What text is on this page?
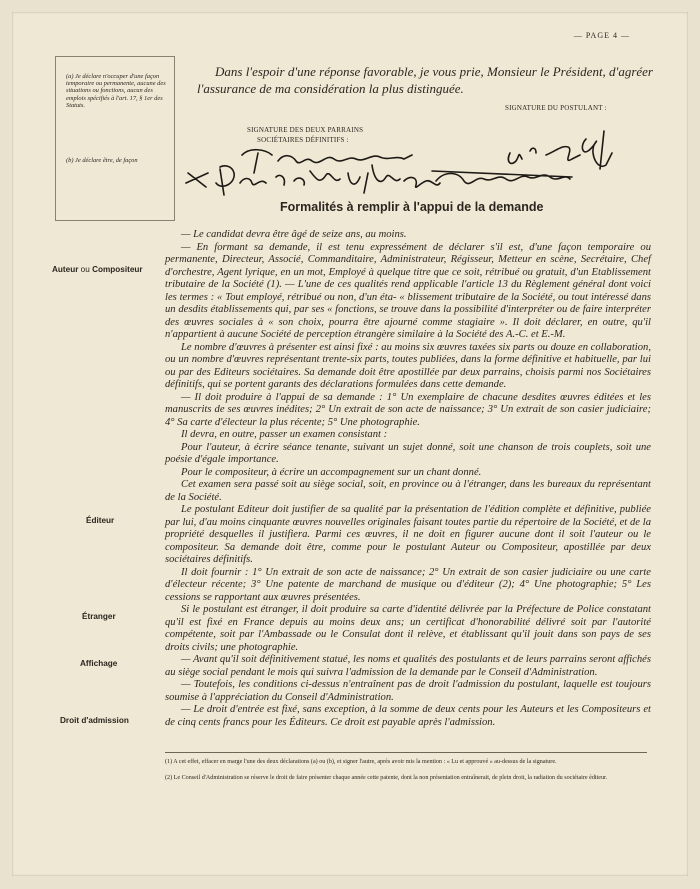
— PAGE 4 —
(a) Je déclare n'occuper d'une façon temporaire ou permanente, aucune des situations ou fonctions, aucun des emplois spécifiés à l'art. 17, § 1er des Statuts.
(b) Je déclare être, de façon
Dans l'espoir d'une réponse favorable, je vous prie, Monsieur le Président, d'agréer l'assurance de ma considération la plus distinguée.
SIGNATURE DU POSTULANT :
SIGNATURE DES DEUX PARRAINS
SOCIÉTAIRES DÉFINITIFS :
Formalités à remplir à l'appui de la demande
Auteur ou Compositeur
Éditeur
Étranger
Affichage
Droit d'admission

— Le candidat devra être âgé de seize ans, au moins.

— En formant sa demande, il est tenu expressément de déclarer s'il est, d'une façon temporaire ou permanente, Directeur, Associé, Commanditaire, Administrateur, Régisseur, Metteur en scène, Secrétaire, Chef d'orchestre, Agent lyrique, en un mot, Employé à quelque titre que ce soit, rétribué ou gratuit, d'un Etablissement tributaire de la Société (1). — L'une de ces qualités rend applicable l'article 13 du Règlement général dont voici les termes : « Tout employé, rétribué ou non, d'un éta- « blissement tributaire de la Société, ou tout intéressé dans un desdits établissements qui, par ses « fonctions, se trouve dans la possibilité d'interpréter ou de faire interpréter des œuvres sociales à « son choix, pourra être ajourné comme stagiaire ». Il doit déclarer, en outre, qu'il n'appartient à aucune Société de perception étrangère similaire à la Société des A.-C. et E.-M.

Le nombre d'œuvres à présenter est ainsi fixé : au moins six œuvres taxées six parts ou douze en collaboration, ou un nombre d'œuvres représentant trente-six parts, toutes publiées, dans la forme définitive et habituelle, par lui ou par des Editeurs sociétaires. Sa demande doit être apostillée par deux parrains, choisis parmi nos Sociétaires définitifs, qui se portent garants des déclarations formulées dans cette demande.

— Il doit produire à l'appui de sa demande : 1° Un exemplaire de chacune desdites œuvres éditées et les manuscrits de ses œuvres inédites; 2° Un extrait de son acte de naissance; 3° Un extrait de son casier judiciaire; 4° Sa carte d'électeur la plus récente; 5° Une photographie.

Il devra, en outre, passer un examen consistant :

Pour l'auteur, à écrire séance tenante, suivant un sujet donné, soit une chanson de trois couplets, soit une poésie d'égale importance.

Pour le compositeur, à écrire un accompagnement sur un chant donné.

Cet examen sera passé soit au siège social, soit, en province ou à l'étranger, dans les bureaux du représentant de la Société.

Le postulant Editeur doit justifier de sa qualité par la présentation de l'édition complète et définitive, publiée par lui, d'au moins cinquante œuvres nouvelles originales faisant toutes partie du répertoire de la Société, et de la propriété desquelles il justifiera. Parmi ces œuvres, il ne doit en figurer aucune dont il soit l'auteur ou le compositeur. Sa demande doit être, comme pour le postulant Auteur ou Compositeur, apostillée par deux sociétaires définitifs.

Il doit fournir : 1° Un extrait de son acte de naissance; 2° Un extrait de son casier judiciaire ou une carte d'électeur récente; 3° Une patente de marchand de musique ou d'éditeur (2); 4° Une photographie; 5° Les cessions se rapportant aux œuvres présentées.

Si le postulant est étranger, il doit produire sa carte d'identité délivrée par la Préfecture de Police constatant qu'il est fixé en France depuis au moins deux ans; un certificat d'honorabilité délivré soit par l'autorité compétente, soit par l'Ambassade ou le Consulat dont il relève, et établissant qu'il jouit dans son pays de ses droits civils; une photographie.

— Avant qu'il soit définitivement statué, les noms et qualités des postulants et de leurs parrains seront affichés au siège social pendant le mois qui suivra l'admission de la demande par le Conseil d'Administration.

— Toutefois, les conditions ci-dessus n'entraînent pas de droit l'admission du postulant, laquelle est toujours soumise à l'appréciation du Conseil d'Administration.

— Le droit d'entrée est fixé, sans exception, à la somme de deux cents pour les Auteurs et les Compositeurs et de cinq cents francs pour les Éditeurs. Ce droit est payable après l'admission.

(1) A cet effet, effacer en marge l'une des deux déclarations (a) ou (b), et signer l'autre, après avoir mis la mention : « Lu et approuvé » au-dessus de la signature.
(2) Le Conseil d'Administration se réserve le droit de faire présenter chaque année cette patente, dont la non présentation entraînerait, de plein droit, la radiation du sociétaire éditeur.
